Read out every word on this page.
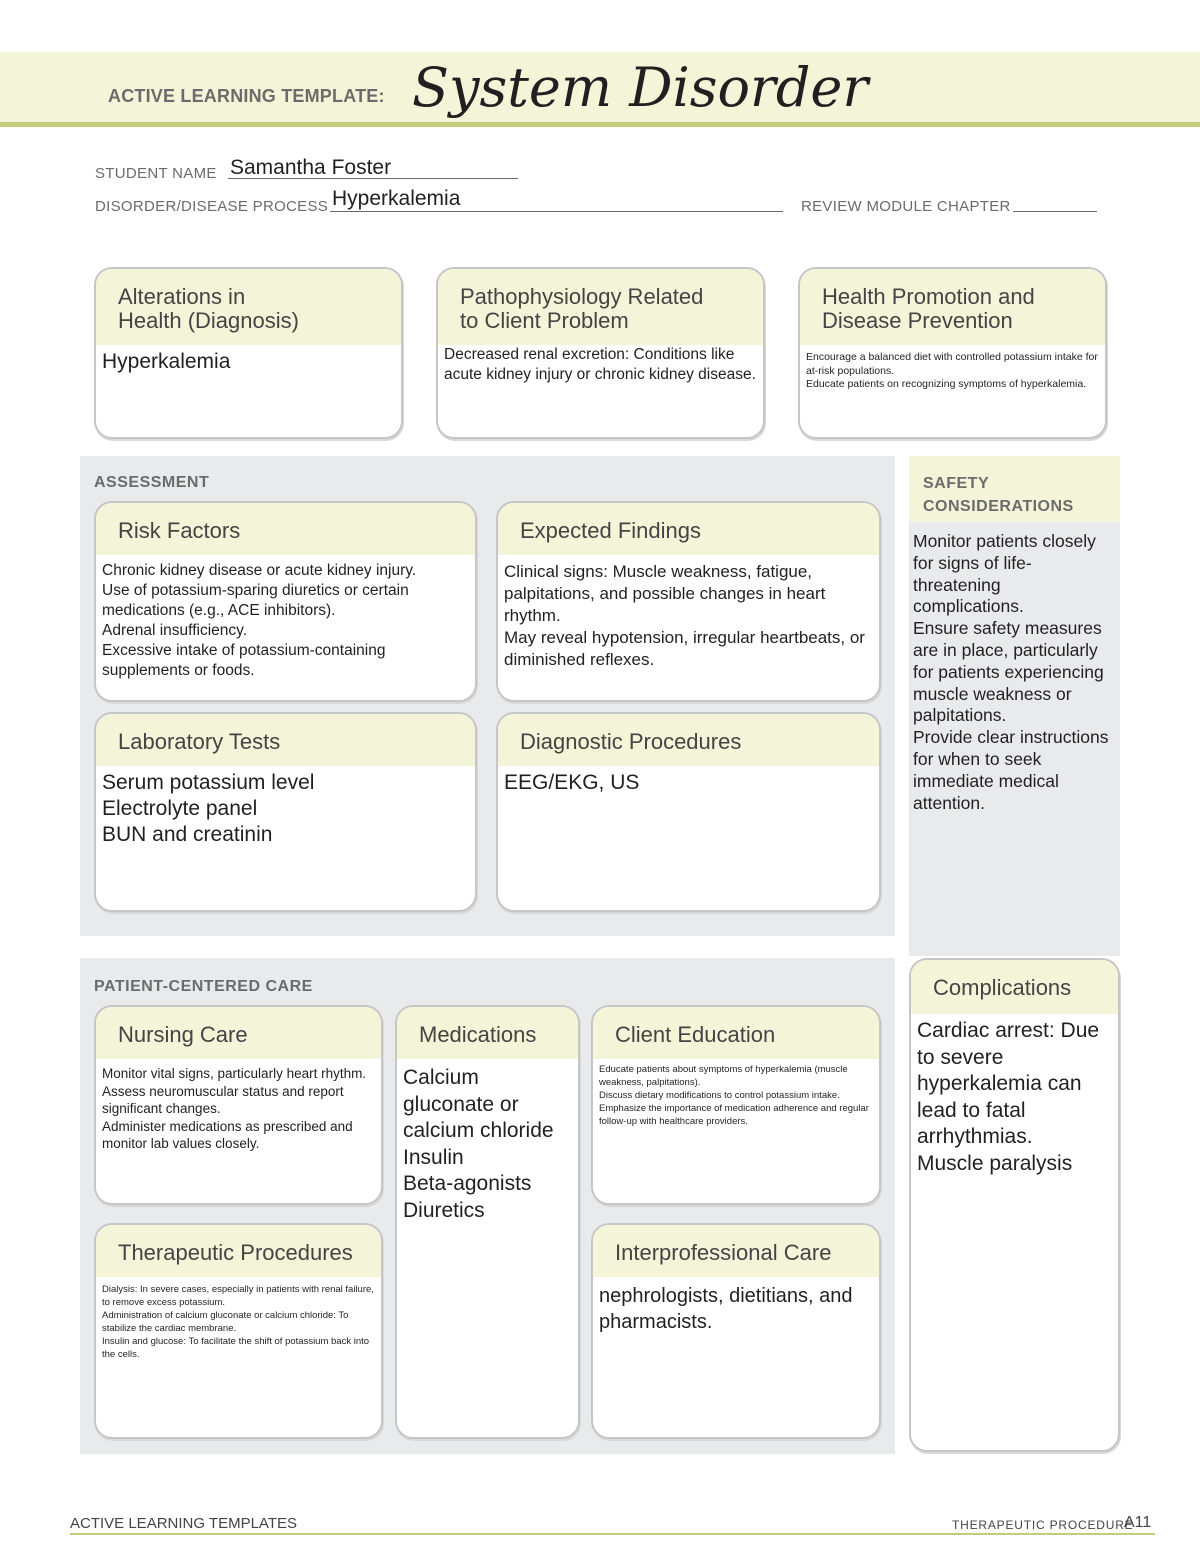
ACTIVE LEARNING TEMPLATE: System Disorder
STUDENT NAME Samantha Foster
DISORDER/DISEASE PROCESS Hyperkalemia	REVIEW MODULE CHAPTER
Alterations in
Health (Diagnosis)
Hyperkalemia
Pathophysiology Related
to Client Problem
Decreased renal excretion: Conditions like acute kidney injury or chronic kidney disease.
Health Promotion and
Disease Prevention
Encourage a balanced diet with controlled potassium intake for at-risk populations.
Educate patients on recognizing symptoms of hyperkalemia.
ASSESSMENT
Risk Factors
Chronic kidney disease or acute kidney injury.
Use of potassium-sparing diuretics or certain medications (e.g., ACE inhibitors).
Adrenal insufficiency.
Excessive intake of potassium-containing supplements or foods.
Expected Findings
Clinical signs: Muscle weakness, fatigue, palpitations, and possible changes in heart rhythm.
May reveal hypotension, irregular heartbeats, or diminished reflexes.
Laboratory Tests
Serum potassium level
Electrolyte panel
BUN and creatinin
Diagnostic Procedures
EEG/EKG, US
SAFETY
CONSIDERATIONS
Monitor patients closely for signs of life-threatening complications.
Ensure safety measures are in place, particularly for patients experiencing muscle weakness or palpitations.
Provide clear instructions for when to seek immediate medical attention.
PATIENT-CENTERED CARE
Nursing Care
Monitor vital signs, particularly heart rhythm.
Assess neuromuscular status and report significant changes.
Administer medications as prescribed and monitor lab values closely.
Medications
Calcium gluconate or calcium chloride
Insulin
Beta-agonists
Diuretics
Client Education
Educate patients about symptoms of hyperkalemia (muscle weakness, palpitations).
Discuss dietary modifications to control potassium intake.
Emphasize the importance of medication adherence and regular follow-up with healthcare providers.
Therapeutic Procedures
Dialysis: In severe cases, especially in patients with renal failure, to remove excess potassium.
Administration of calcium gluconate or calcium chloride: To stabilize the cardiac membrane.
Insulin and glucose: To facilitate the shift of potassium back into the cells.
Interprofessional Care
nephrologists, dietitians, and pharmacists.
Complications
Cardiac arrest: Due to severe hyperkalemia can lead to fatal arrhythmias.
Muscle paralysis
ACTIVE LEARNING TEMPLATES	THERAPEUTIC PROCEDURE
A11
